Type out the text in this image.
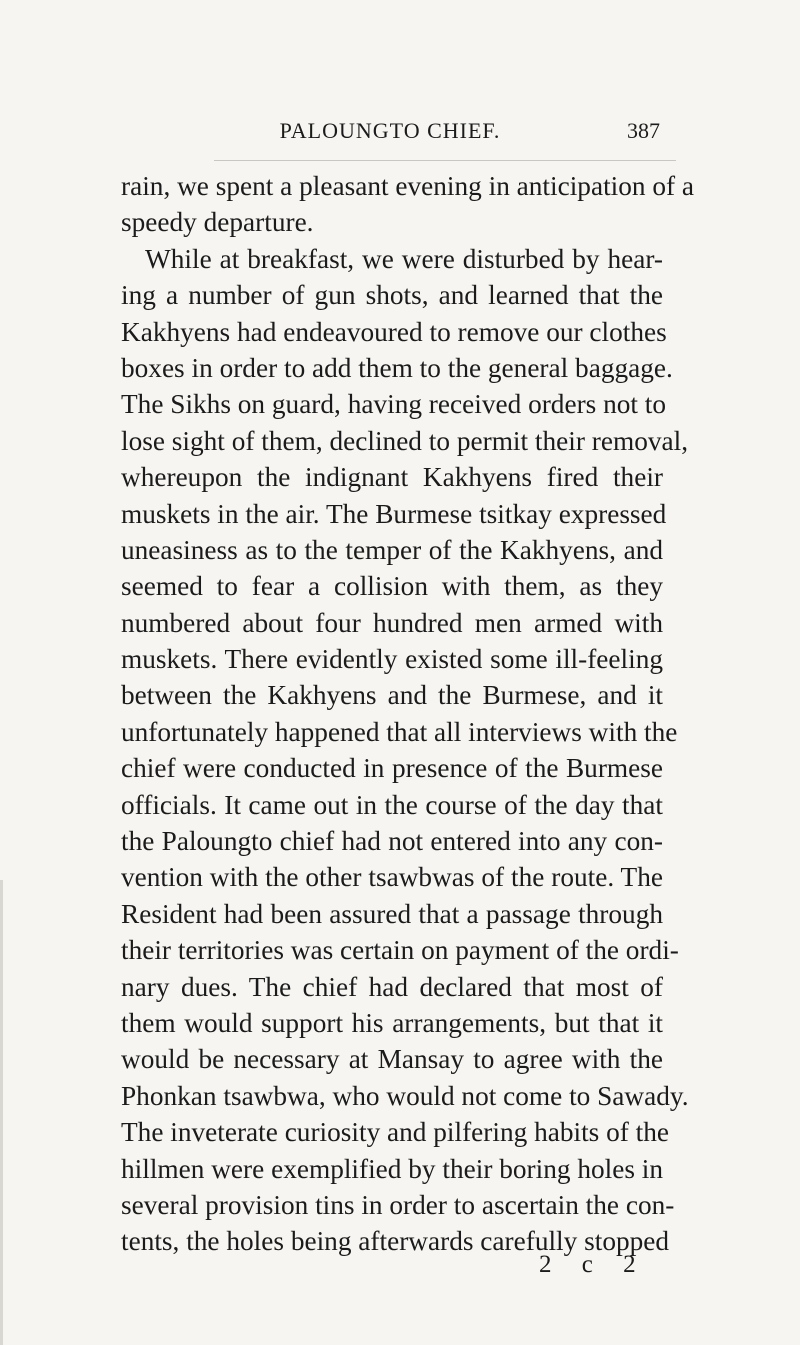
PALOUNGTO CHIEF.	387
rain, we spent a pleasant evening in anticipation of a
speedy departure.
While at breakfast, we were disturbed by hear-
ing a number of gun shots, and learned that the
Kakhyens had endeavoured to remove our clothes
boxes in order to add them to the general baggage.
The Sikhs on guard, having received orders not to
lose sight of them, declined to permit their removal,
whereupon the indignant Kakhyens fired their
muskets in the air. The Burmese tsitkay expressed
uneasiness as to the temper of the Kakhyens, and
seemed to fear a collision with them, as they
numbered about four hundred men armed with
muskets. There evidently existed some ill-feeling
between the Kakhyens and the Burmese, and it
unfortunately happened that all interviews with the
chief were conducted in presence of the Burmese
officials. It came out in the course of the day that
the Paloungto chief had not entered into any con-
vention with the other tsawbwas of the route. The
Resident had been assured that a passage through
their territories was certain on payment of the ordi-
nary dues. The chief had declared that most of
them would support his arrangements, but that it
would be necessary at Mansay to agree with the
Phonkan tsawbwa, who would not come to Sawady.
The inveterate curiosity and pilfering habits of the
hillmen were exemplified by their boring holes in
several provision tins in order to ascertain the con-
tents, the holes being afterwards carefully stopped
2 c 2
